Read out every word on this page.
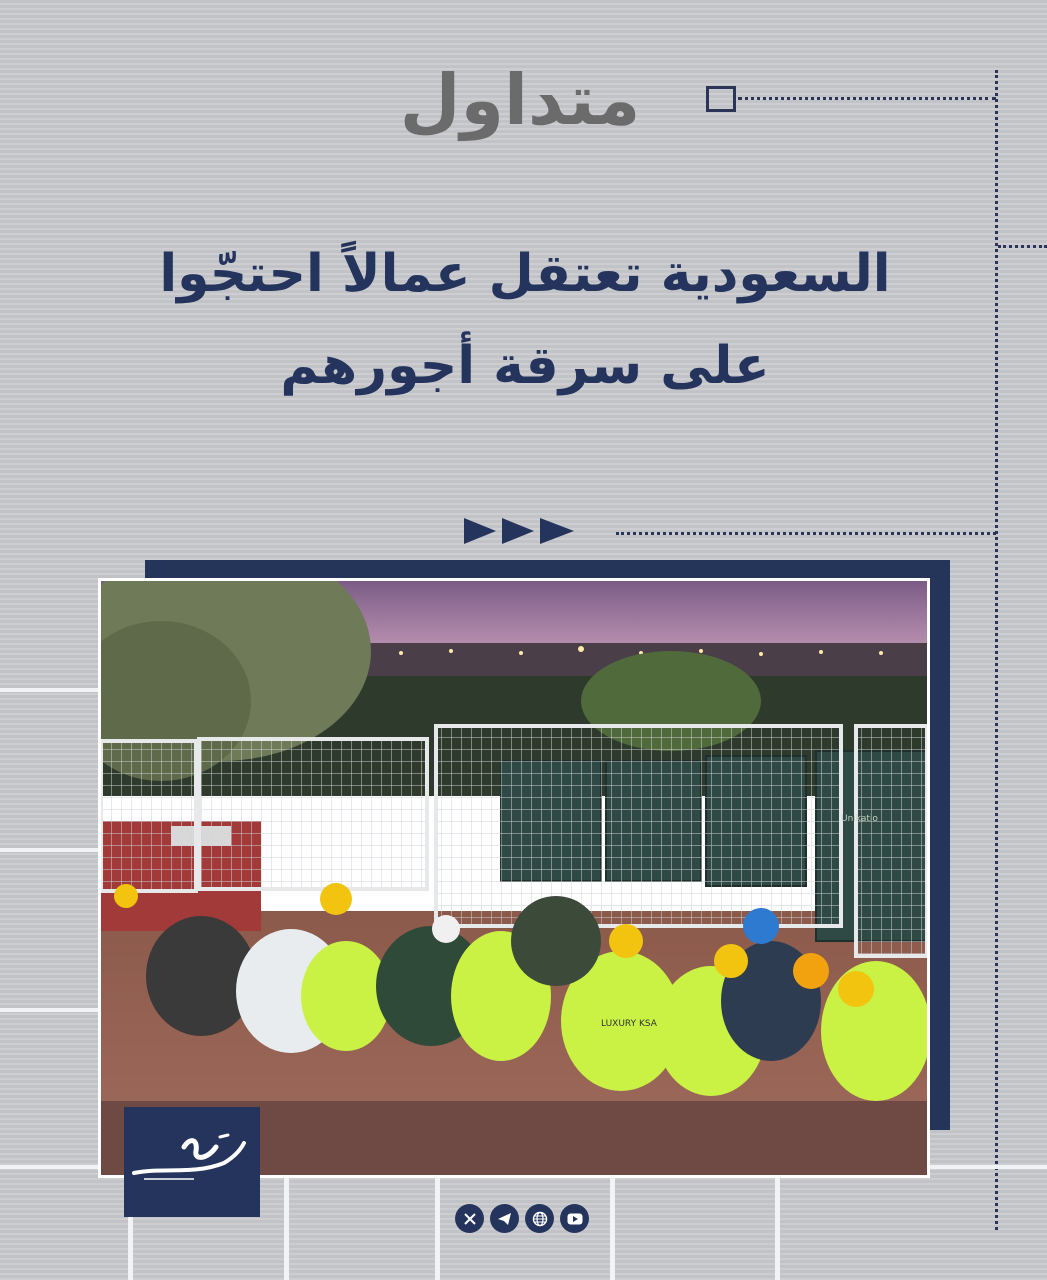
متداول
السعودية تعتقل عمالاً احتجّوا
على سرقة أجورهم
LUXURY KSA
Unikatio
